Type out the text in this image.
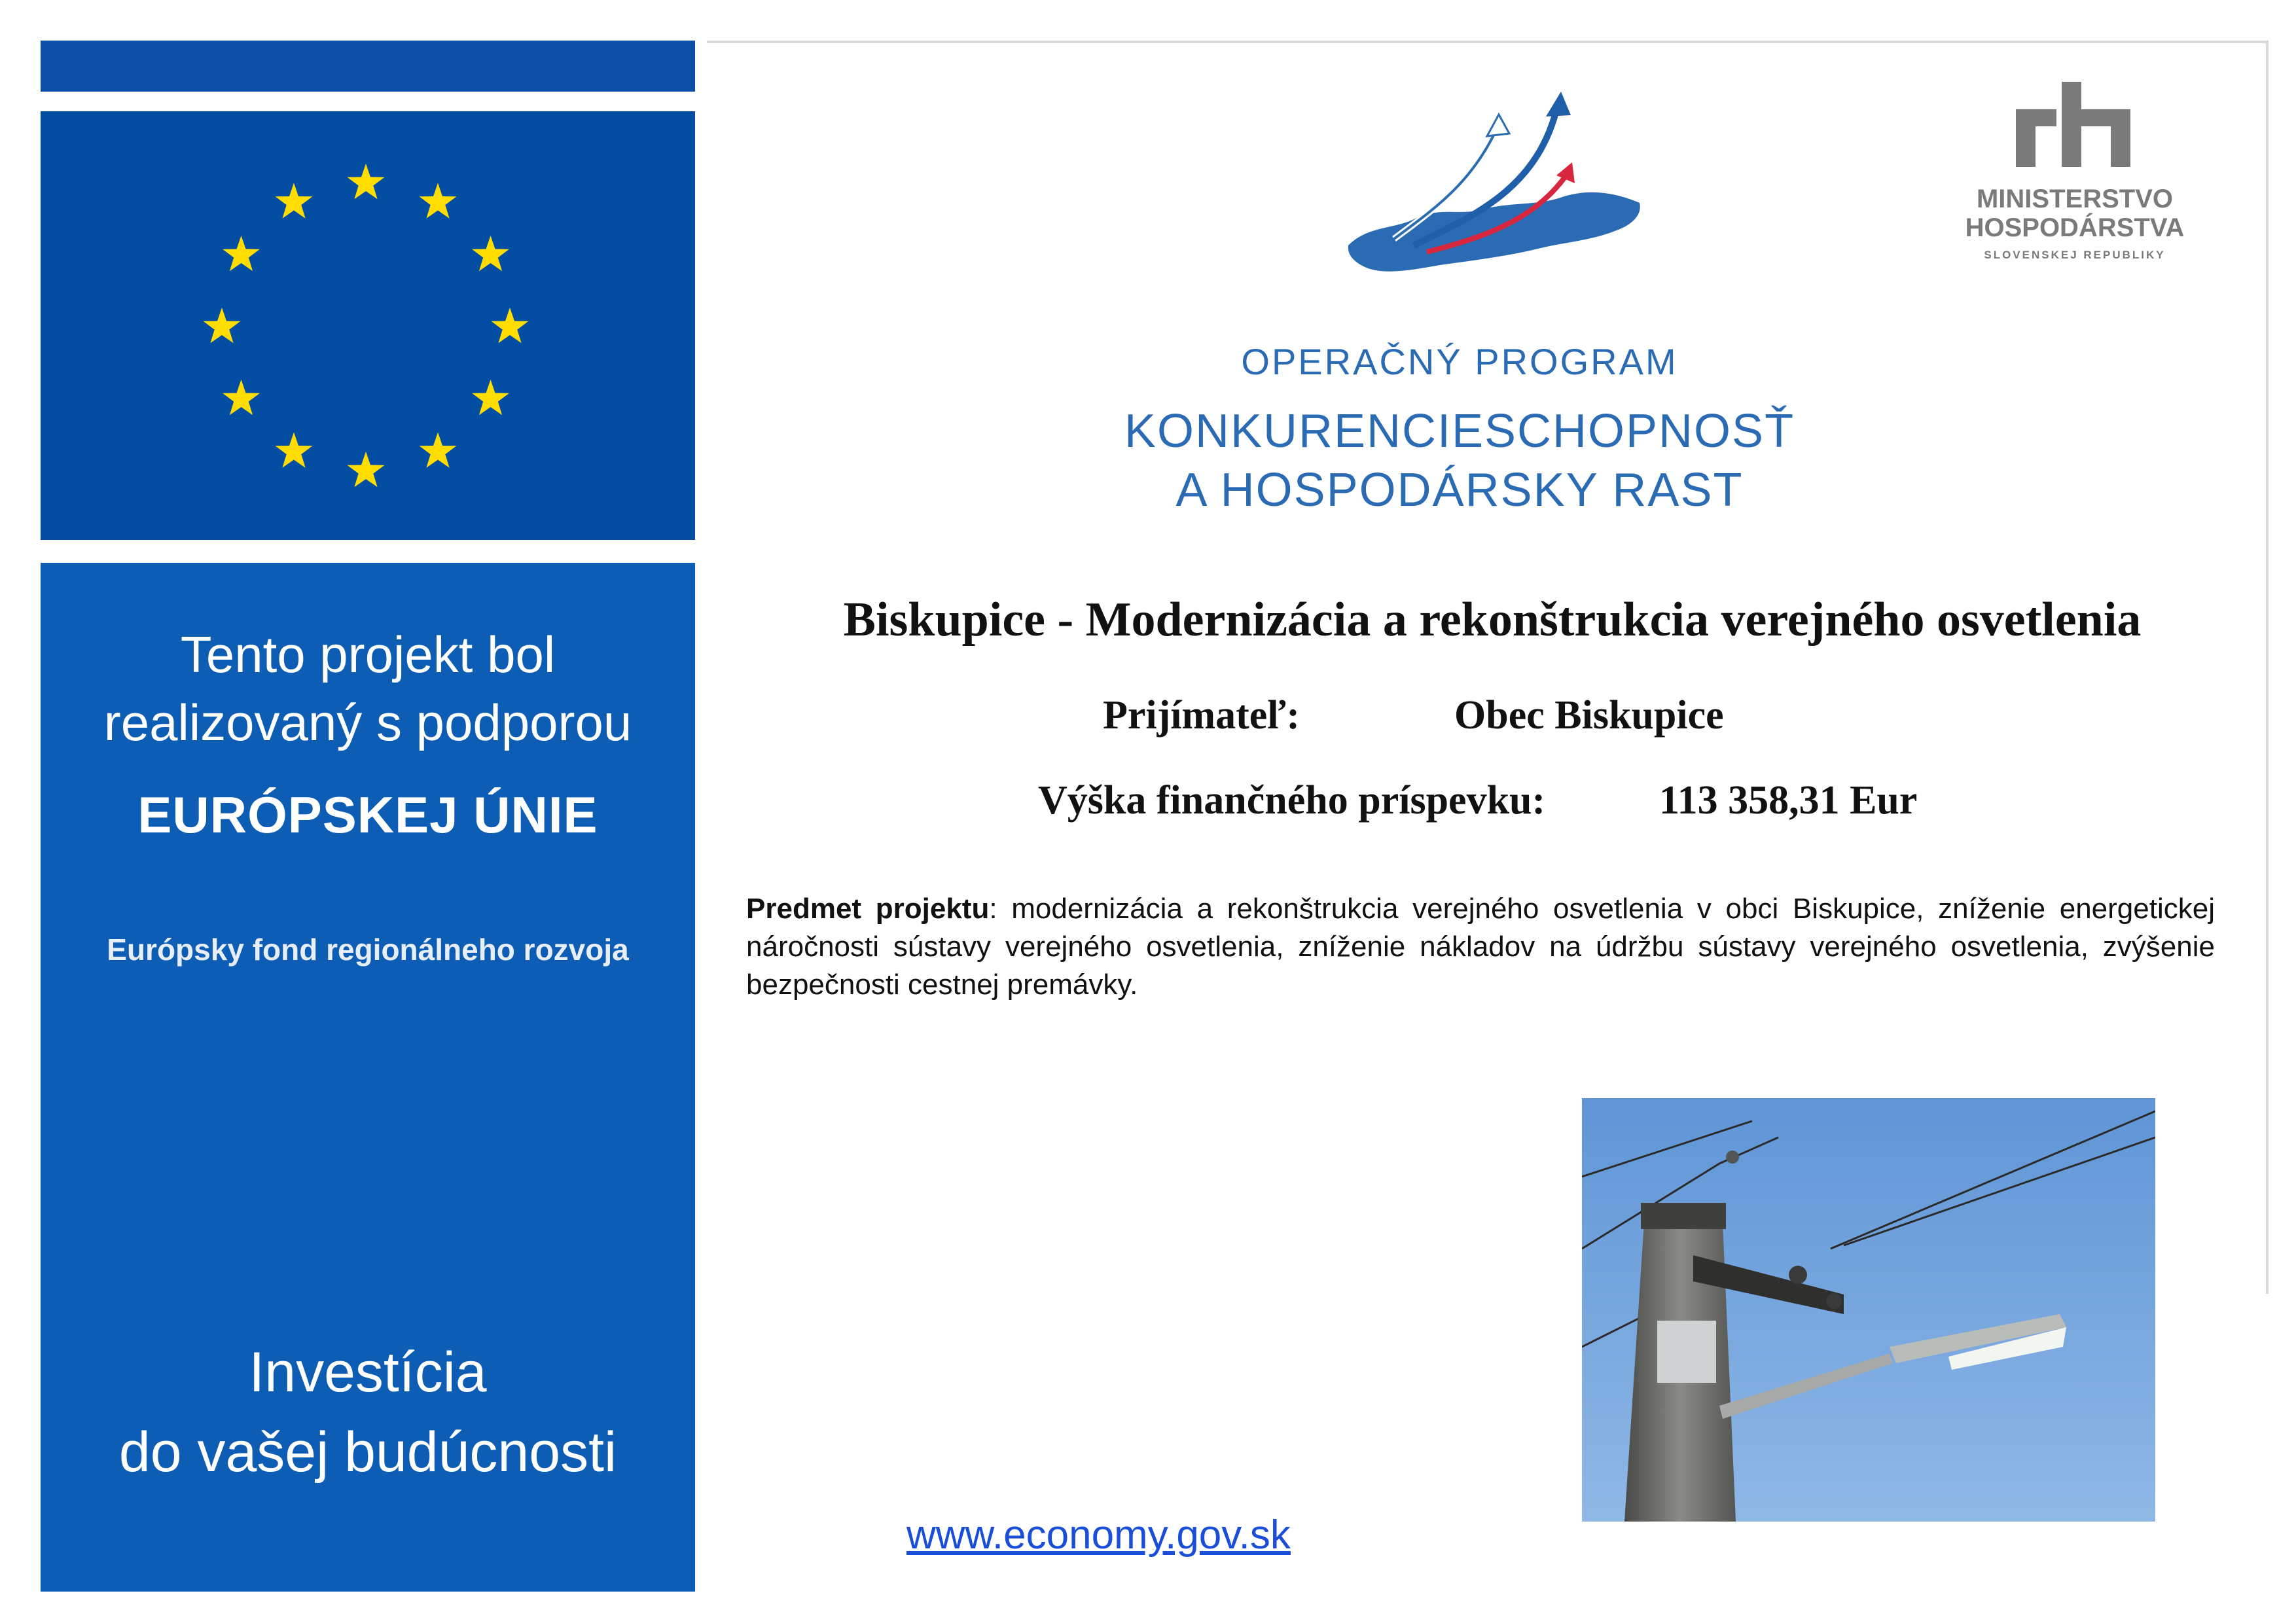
Tento projekt bol
realizovaný s podporou
EURÓPSKEJ ÚNIE
Európsky fond regionálneho rozvoja
Investícia
do vašej budúcnosti
OPERAČNÝ PROGRAM
KONKURENCIESCHOPNOSŤ
A HOSPODÁRSKY RAST
MINISTERSTVO
HOSPODÁRSTVA
SLOVENSKEJ REPUBLIKY
Biskupice - Modernizácia a rekonštrukcia verejného osvetlenia
Prijímateľ:	Obec Biskupice
Výška finančného príspevku:	113 358,31 Eur
Predmet projektu: modernizácia a rekonštrukcia verejného osvetlenia v obci Biskupice, zníženie energetickej náročnosti sústavy verejného osvetlenia, zníženie nákladov na údržbu sústavy verejného osvetlenia, zvýšenie bezpečnosti cestnej premávky.
www.economy.gov.sk
